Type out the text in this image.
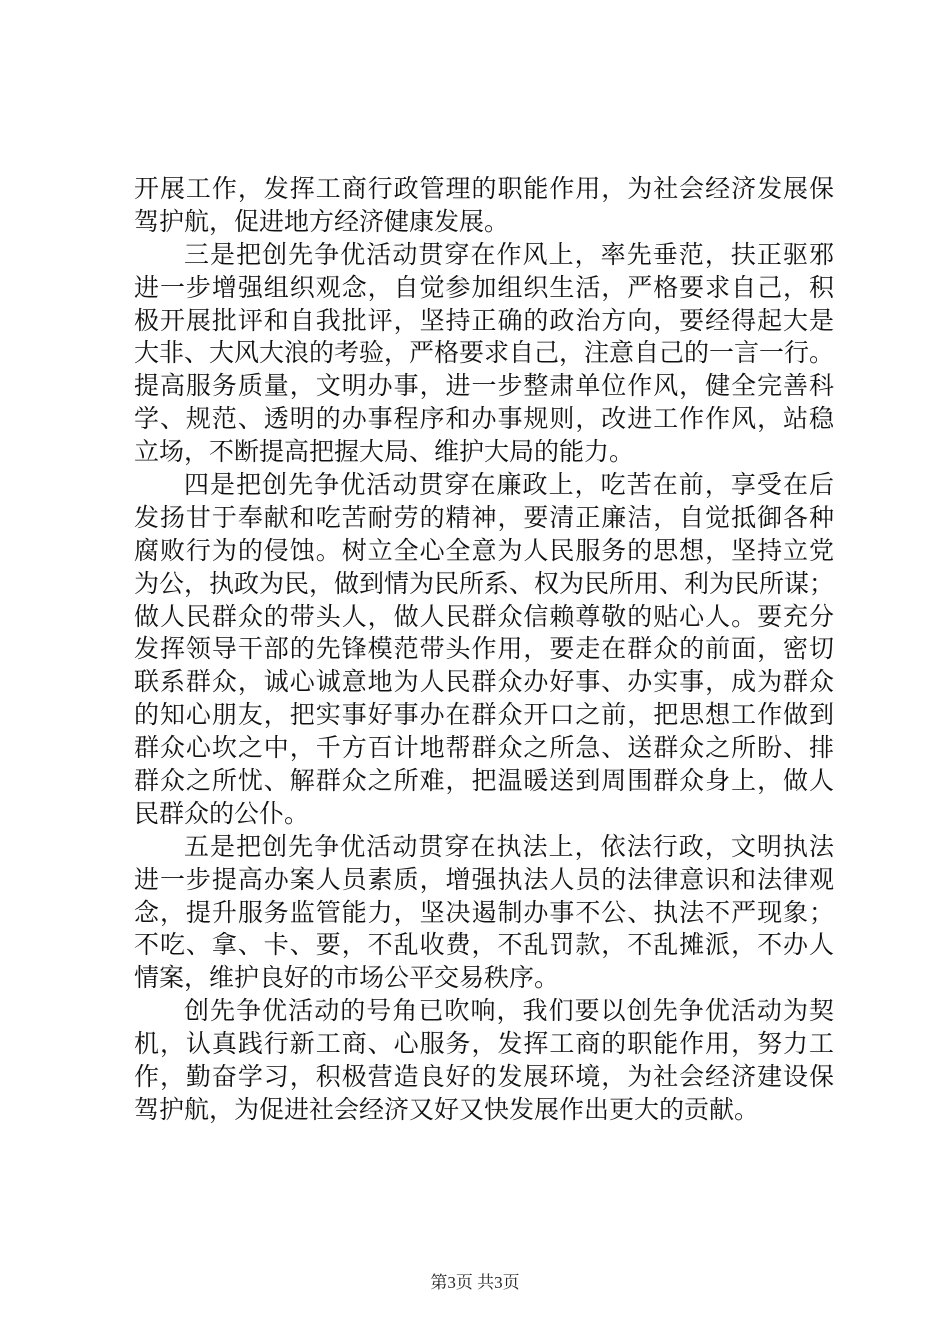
开展工作，发挥工商行政管理的职能作用，为社会经济发展保
驾护航，促进地方经济健康发展。
三是把创先争优活动贯穿在作风上，率先垂范，扶正驱邪
进一步增强组织观念，自觉参加组织生活，严格要求自己，积
极开展批评和自我批评，坚持正确的政治方向，要经得起大是
大非、大风大浪的考验，严格要求自己，注意自己的一言一行。
提高服务质量，文明办事，进一步整肃单位作风，健全完善科
学、规范、透明的办事程序和办事规则，改进工作作风，站稳
立场，不断提高把握大局、维护大局的能力。
四是把创先争优活动贯穿在廉政上，吃苦在前，享受在后
发扬甘于奉献和吃苦耐劳的精神，要清正廉洁，自觉抵御各种
腐败行为的侵蚀。树立全心全意为人民服务的思想，坚持立党
为公，执政为民，做到情为民所系、权为民所用、利为民所谋；
做人民群众的带头人，做人民群众信赖尊敬的贴心人。要充分
发挥领导干部的先锋模范带头作用，要走在群众的前面，密切
联系群众，诚心诚意地为人民群众办好事、办实事，成为群众
的知心朋友，把实事好事办在群众开口之前，把思想工作做到
群众心坎之中，千方百计地帮群众之所急、送群众之所盼、排
群众之所忧、解群众之所难，把温暖送到周围群众身上，做人
民群众的公仆。
五是把创先争优活动贯穿在执法上，依法行政，文明执法
进一步提高办案人员素质，增强执法人员的法律意识和法律观
念，提升服务监管能力，坚决遏制办事不公、执法不严现象；
不吃、拿、卡、要，不乱收费，不乱罚款，不乱摊派，不办人
情案，维护良好的市场公平交易秩序。
创先争优活动的号角已吹响，我们要以创先争优活动为契
机，认真践行新工商、心服务，发挥工商的职能作用，努力工
作，勤奋学习，积极营造良好的发展环境，为社会经济建设保
驾护航，为促进社会经济又好又快发展作出更大的贡献。
第3页 共3页
